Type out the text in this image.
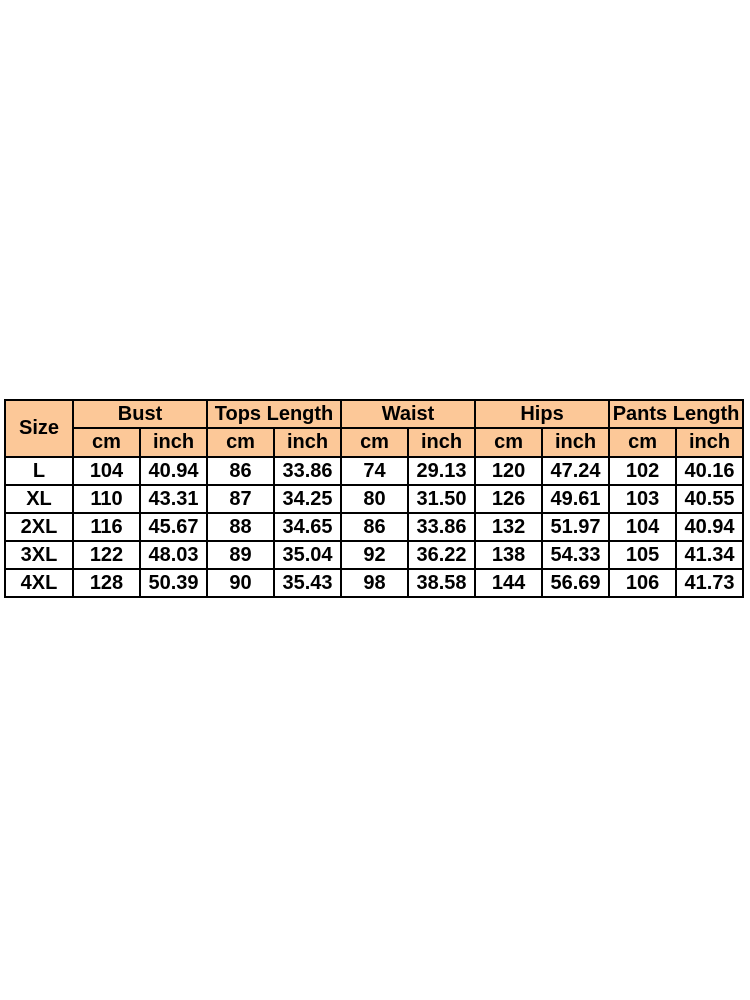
Size	Bust		Tops Length		Waist		Hips		Pants Length	
	cm	inch	cm	inch	cm	inch	cm	inch	cm	inch
L	104	40.94	86	33.86	74	29.13	120	47.24	102	40.16
XL	110	43.31	87	34.25	80	31.50	126	49.61	103	40.55
2XL	116	45.67	88	34.65	86	33.86	132	51.97	104	40.94
3XL	122	48.03	89	35.04	92	36.22	138	54.33	105	41.34
4XL	128	50.39	90	35.43	98	38.58	144	56.69	106	41.73
